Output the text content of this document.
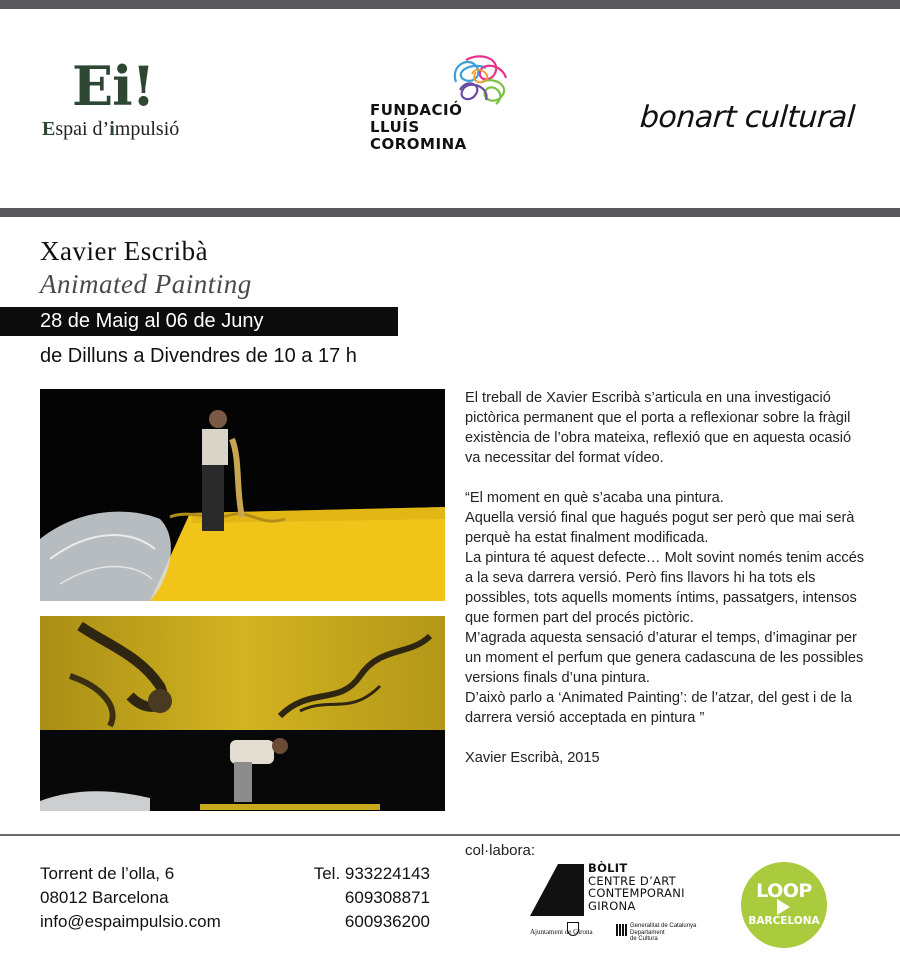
Ei!
Espai d’impulsió
FUNDACIÓ
LLUÍS
COROMINA
bonart cultural
Xavier Escribà
Animated Painting
28 de Maig al 06 de Juny
de Dilluns a Divendres de 10 a 17 h

El treball de Xavier Escribà s’articula en una investigació pictòrica permanent que el porta a reflexionar sobre la fràgil existència de l’obra mateixa, reflexió que en aquesta ocasió va necessitar del format vídeo.

“El moment en què s’acaba una pintura.

Aquella versió final que hagués pogut ser però que mai serà perquè ha estat finalment modificada.

La pintura té aquest defecte… Molt sovint només tenim accés a la seva darrera versió. Però fins llavors hi ha tots els possibles, tots aquells moments íntims, passatgers, intensos que formen part del procés pictòric.

M’agrada aquesta sensació d’aturar el temps, d’imaginar per un moment el perfum que genera cadascuna de les possibles versions finals d’una pintura.

D’això parlo a ‘Animated Painting’: de l’atzar, del gest i de la darrera versió acceptada en pintura ”

Xavier Escribà, 2015

Torrent de l’olla, 6
08012 Barcelona
info@espaimpulsio.com
Tel. 933224143
609308871
600936200
col·labora:
BÒLIT
CENTRE D’ART
CONTEMPORANI
GIRONA
Ajuntament de Girona
Generalitat de Catalunya
Departament
de Cultura
LOOP
BARCELONA
